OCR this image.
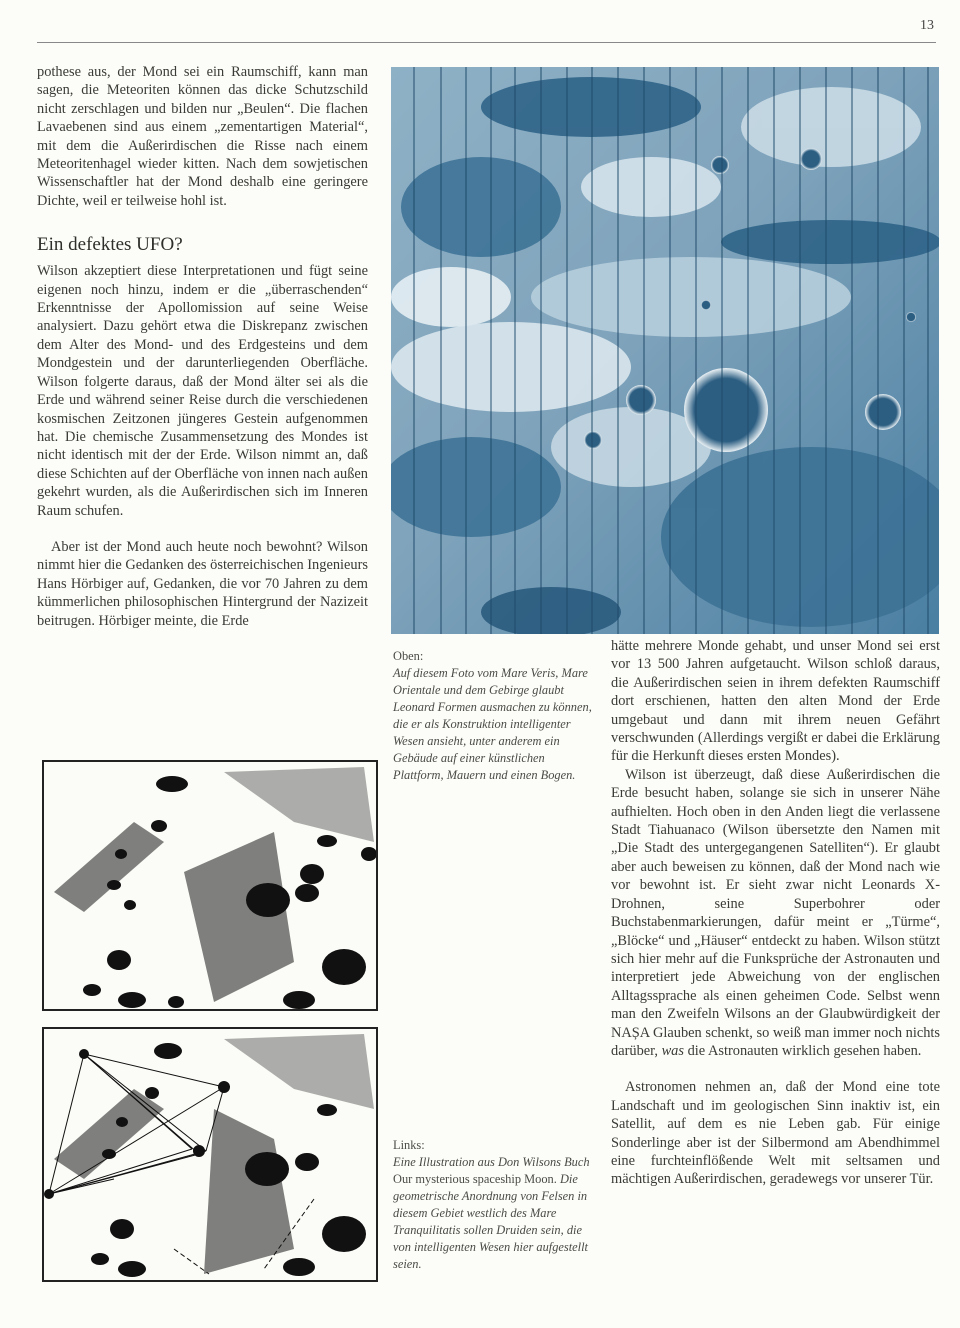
13

pothese aus, der Mond sei ein Raumschiff, kann man sagen, die Meteoriten können das dicke Schutzschild nicht zerschlagen und bilden nur „Beulen“. Die flachen Lavaebenen sind aus einem „zementartigen Material“, mit dem die Außerirdischen die Risse nach einem Meteoritenhagel wieder kitten. Nach dem sowjetischen Wissenschaftler hat der Mond deshalb eine geringere Dichte, weil er teilweise hohl ist.

Ein defektes UFO?

Wilson akzeptiert diese Interpretationen und fügt seine eigenen noch hinzu, indem er die „überraschenden“ Erkenntnisse der Apollomission auf seine Weise analysiert. Dazu gehört etwa die Diskrepanz zwischen dem Alter des Mond- und des Erdgesteins und dem Mondgestein und der darunterliegenden Oberfläche. Wilson folgerte daraus, daß der Mond älter sei als die Erde und während seiner Reise durch die verschiedenen kosmischen Zeitzonen jüngeres Gestein aufgenommen hat. Die chemische Zusammensetzung des Mondes ist nicht identisch mit der der Erde. Wilson nimmt an, daß diese Schichten auf der Oberfläche von innen nach außen gekehrt wurden, als die Außerirdischen sich im Inneren Raum schufen.

Aber ist der Mond auch heute noch bewohnt? Wilson nimmt hier die Gedanken des österreichischen Ingenieurs Hans Hörbiger auf, Gedanken, die vor 70 Jahren zu dem kümmerlichen philosophischen Hintergrund der Nazizeit beitrugen. Hörbiger meinte, die Erde

Oben:
Auf diesem Foto vom Mare Veris, Mare Orientale und dem Gebirge glaubt Leonard Formen ausmachen zu können, die er als Konstruktion intelligenter Wesen ansieht, unter anderem ein Gebäude auf einer künstlichen Plattform, Mauern und einen Bogen.
Links:
Eine Illustration aus Don Wilsons Buch Our mysterious spaceship Moon. Die geometrische Anordnung von Felsen in diesem Gebiet westlich des Mare Tranquilitatis sollen Druiden sein, die von intelligenten Wesen hier aufgestellt seien.

hätte mehrere Monde gehabt, und unser Mond sei erst vor 13 500 Jahren aufgetaucht. Wilson schloß daraus, die Außerirdischen seien in ihrem defekten Raumschiff dort erschienen, hatten den alten Mond der Erde umgebaut und dann mit ihrem neuen Gefährt verschwunden (Allerdings vergißt er dabei die Erklärung für die Herkunft dieses ersten Mondes).

Wilson ist überzeugt, daß diese Außerirdischen die Erde besucht haben, solange sie sich in unserer Nähe aufhielten. Hoch oben in den Anden liegt die verlassene Stadt Tiahuanaco (Wilson übersetzte den Namen mit „Die Stadt des untergegangenen Satelliten“). Er glaubt aber auch beweisen zu können, daß der Mond nach wie vor bewohnt ist. Er sieht zwar nicht Leonards X-Drohnen, seine Superbohrer oder Buchstabenmarkierungen, dafür meint er „Türme“, „Blöcke“ und „Häuser“ entdeckt zu haben. Wilson stützt sich hier mehr auf die Funksprüche der Astronauten und interpretiert jede Abweichung von der englischen Alltagssprache als einen geheimen Code. Selbst wenn man den Zweifeln Wilsons an der Glaubwürdigkeit der NAȘA Glauben schenkt, so weiß man immer noch nichts darüber, was die Astronauten wirklich gesehen haben.

Astronomen nehmen an, daß der Mond eine tote Landschaft und im geologischen Sinn inaktiv ist, ein Satellit, auf dem es nie Leben gab. Für einige Sonderlinge aber ist der Silbermond am Abendhimmel eine furchteinflößende Welt mit seltsamen und mächtigen Außerirdischen, geradewegs vor unserer Tür.
